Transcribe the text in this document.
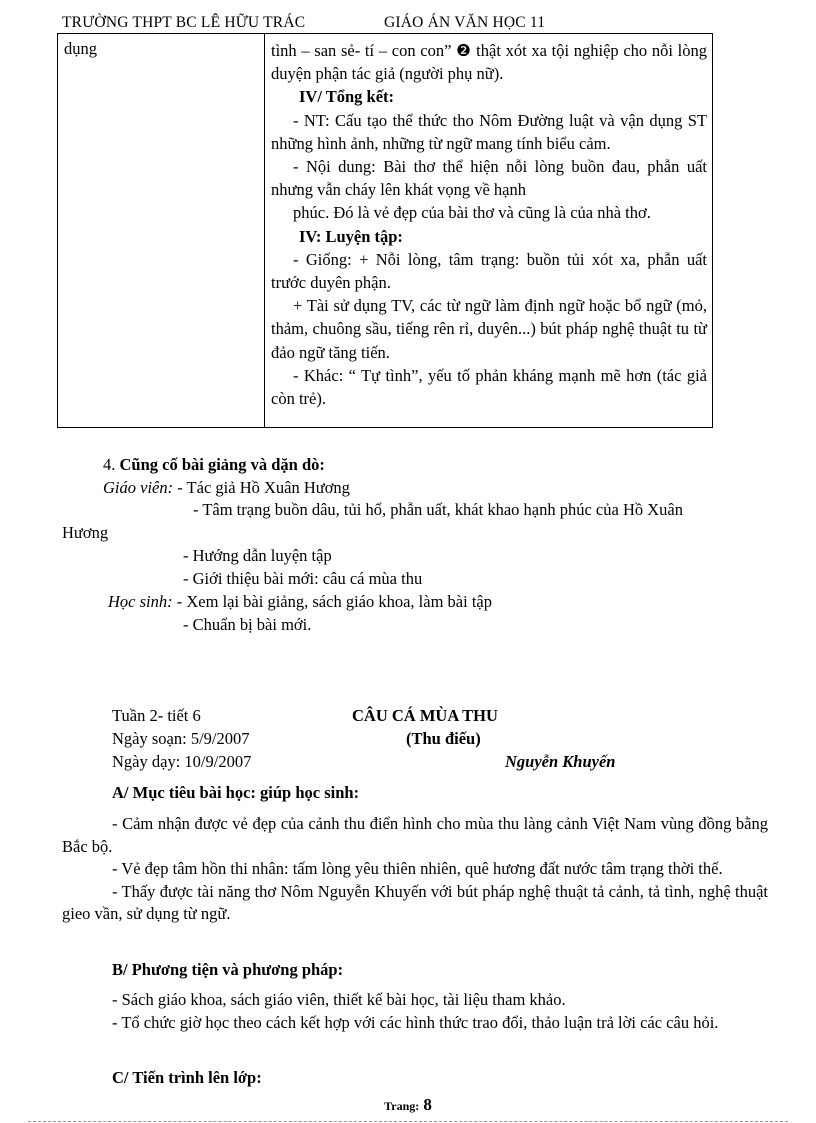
TRƯỜNG THPT BC LÊ HỮU TRÁC	GIÁO ÁN VĂN HỌC 11
dụng	tình – san sẻ- tí – con con” ❷ thật xót xa tội nghiệp cho nỗi lòng duyện phận tác giả (người phụ nữ).

IV/ Tổng kết:

- NT: Cấu tạo thể thức tho Nôm Đường luật và vận dụng ST những hình ảnh, những từ ngữ mang tính biểu cảm.

- Nội dung: Bài thơ thể hiện nỗi lòng buồn đau, phẫn uất nhưng vẫn cháy lên khát vọng về hạnh

phúc. Đó là vẻ đẹp của bài thơ và cũng là của nhà thơ.

IV: Luyện tập:

- Giống: + Nỗi lòng, tâm trạng: buồn tủi xót xa, phẫn uất trước duyên phận.

+ Tài sử dụng TV, các từ ngữ làm định ngữ hoặc bổ ngữ (mỏ, thảm, chuông sầu, tiếng rên rỉ, duyên...) bút pháp nghệ thuật tu từ đảo ngữ tăng tiến.

- Khác: “ Tự tình”, yếu tố phản kháng mạnh mẽ hơn (tác giả còn trẻ).

4. Cũng cố bài giảng và dặn dò:
Giáo viên: - Tác giả Hồ Xuân Hương
- Tâm trạng buồn dâu, tủi hổ, phẫn uất, khát khao hạnh phúc của Hồ Xuân
Hương
- Hướng dẫn luyện tập
- Giới thiệu bài mới: câu cá mùa thu
Học sinh: - Xem lại bài giảng, sách giáo khoa, làm bài tập
- Chuẩn bị bài mới.
Tuần 2- tiết 6	CÂU CÁ MÙA THU
Ngày soạn: 5/9/2007	(Thu điếu)
Ngày dạy: 10/9/2007	Nguyễn Khuyến
A/ Mục tiêu bài học: giúp học sinh:

- Cảm nhận được vẻ đẹp của cảnh thu điển hình cho mùa thu làng cảnh Việt Nam vùng đồng bằng Bắc bộ.

- Vẻ đẹp tâm hồn thi nhân: tấm lòng yêu thiên nhiên, quê hương đất nước tâm trạng thời thế.

- Thấy được tài năng thơ Nôm Nguyễn Khuyến với bút pháp nghệ thuật tả cảnh, tả tình, nghệ thuật gieo vần, sử dụng từ ngữ.

B/ Phương tiện và phương pháp:

- Sách giáo khoa, sách giáo viên, thiết kế bài học, tài liệu tham khảo.

- Tổ chức giờ học theo cách kết hợp với các hình thức trao đổi, thảo luận trả lời các câu hỏi.

C/ Tiến trình lên lớp:
Trang: 8
